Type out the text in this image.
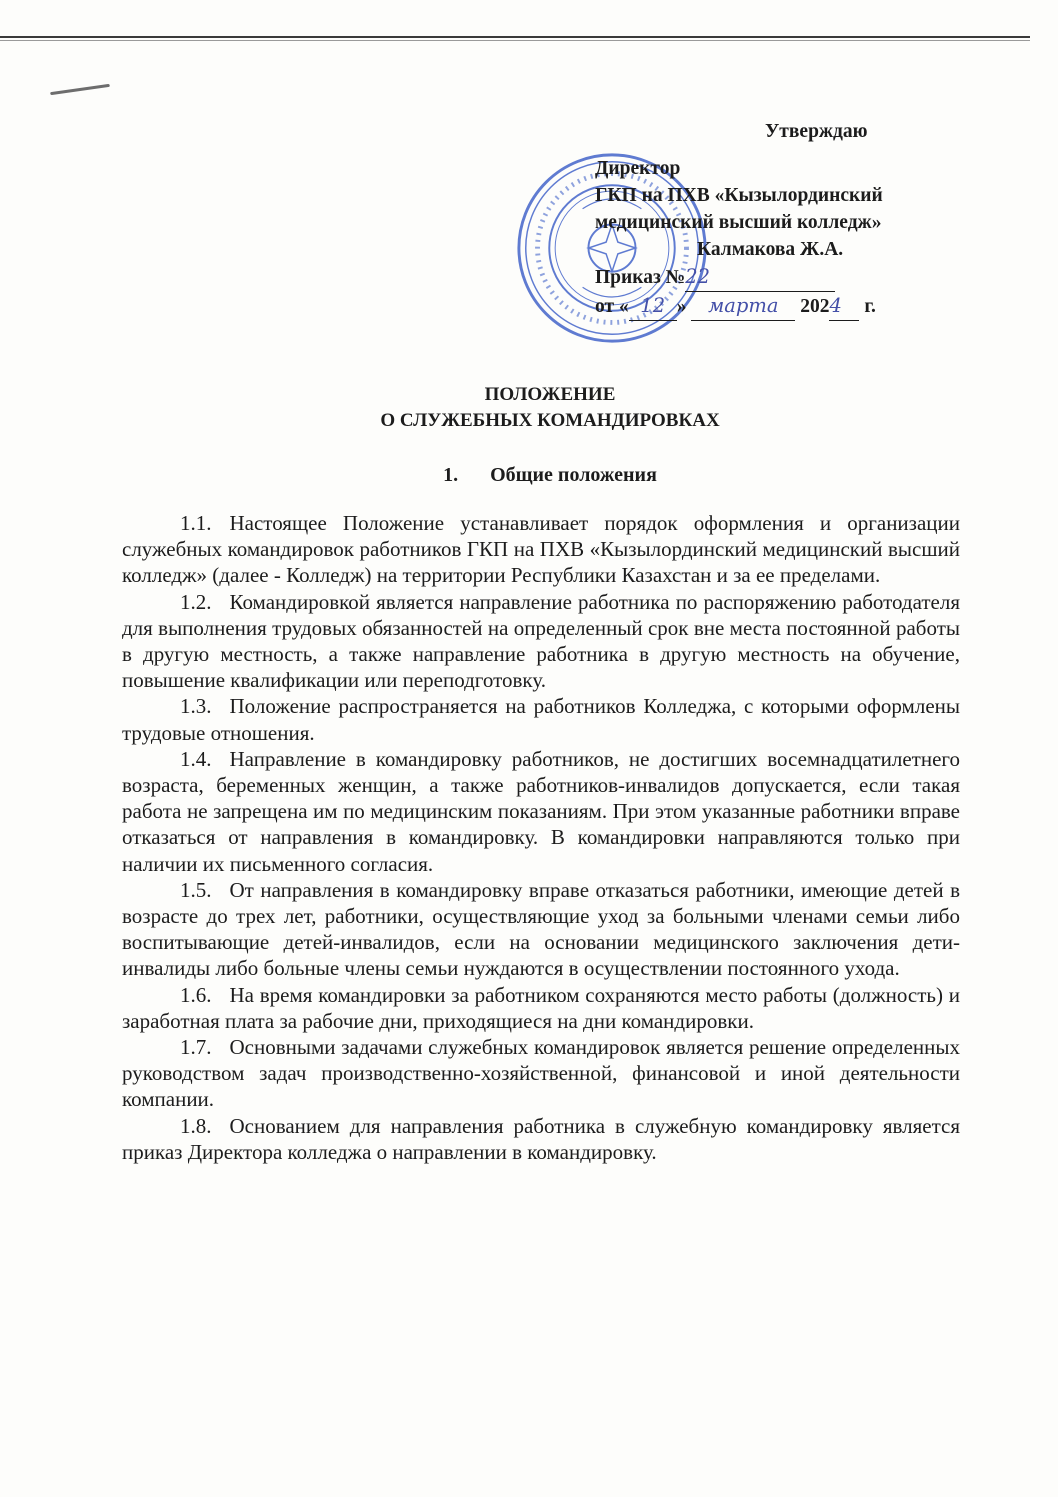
Утверждаю
Директор
ГКП на ПХВ «Кызылординский
медицинский высший колледж»
Калмакова Ж.А.
Приказ №22
от « 12 » марта 2024 г.
ПОЛОЖЕНИЕ
О СЛУЖЕБНЫХ КОМАНДИРОВКАХ
1. Общие положения

1.1. Настоящее Положение устанавливает порядок оформления и организации служебных командировок работников ГКП на ПХВ «Кызылординский медицинский высший колледж» (далее - Колледж) на территории Республики Казахстан и за ее пределами.

1.2. Командировкой является направление работника по распоряжению работодателя для выполнения трудовых обязанностей на определенный срок вне места постоянной работы в другую местность, а также направление работника в другую местность на обучение, повышение квалификации или переподготовку.

1.3. Положение распространяется на работников Колледжа, с которыми оформлены трудовые отношения.

1.4. Направление в командировку работников, не достигших восемнадцатилетнего возраста, беременных женщин, а также работников-инвалидов допускается, если такая работа не запрещена им по медицинским показаниям. При этом указанные работники вправе отказаться от направления в командировку. В командировки направляются только при наличии их письменного согласия.

1.5. От направления в командировку вправе отказаться работники, имеющие детей в возрасте до трех лет, работники, осуществляющие уход за больными членами семьи либо воспитывающие детей-инвалидов, если на основании медицинского заключения дети-инвалиды либо больные члены семьи нуждаются в осуществлении постоянного ухода.

1.6. На время командировки за работником сохраняются место работы (должность) и заработная плата за рабочие дни, приходящиеся на дни командировки.

1.7. Основными задачами служебных командировок является решение определенных руководством задач производственно-хозяйственной, финансовой и иной деятельности компании.

1.8. Основанием для направления работника в служебную командировку является приказ Директора колледжа о направлении в командировку.
